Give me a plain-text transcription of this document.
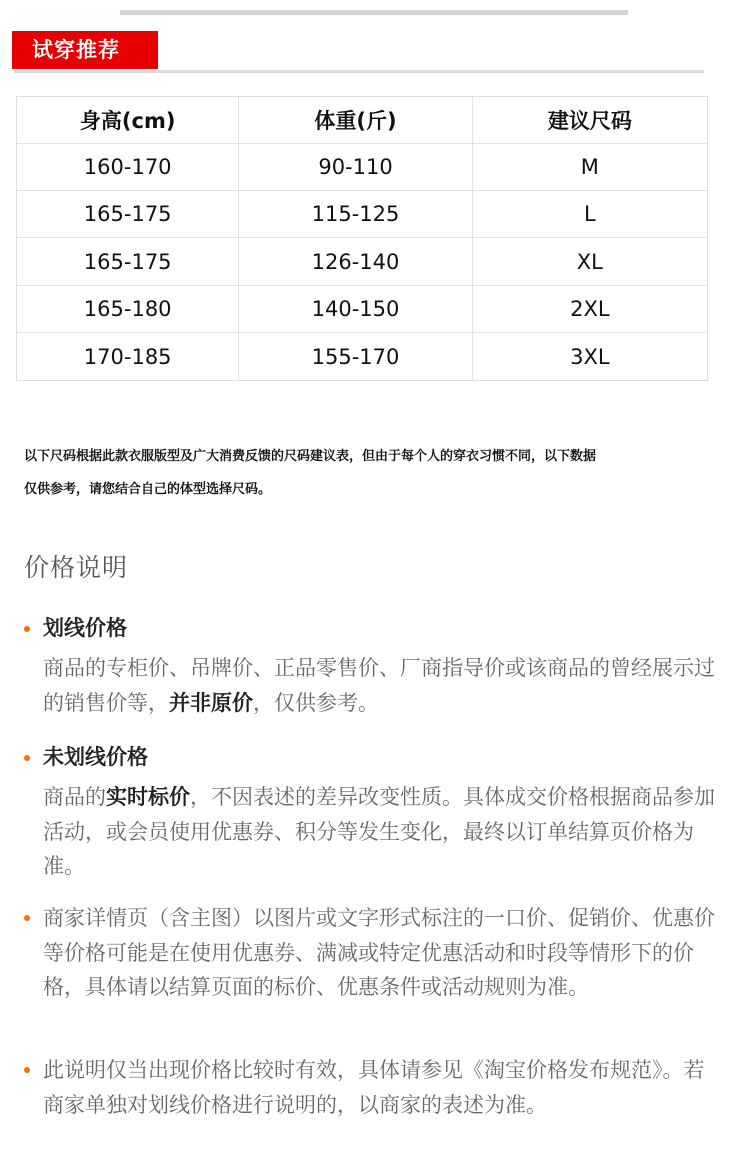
试穿推荐
身高(cm)	体重(斤)	建议尺码
160-170	90-110	M
165-175	115-125	L
165-175	126-140	XL
165-180	140-150	2XL
170-185	155-170	3XL
以下尺码根据此款衣服版型及广大消费反馈的尺码建议表，但由于每个人的穿衣习惯不同，以下数据
仅供参考，请您结合自己的体型选择尺码。
价格说明
划线价格
商品的专柜价、吊牌价、正品零售价、厂商指导价或该商品的曾经展示过的销售价等，并非原价，仅供参考。
未划线价格
商品的实时标价，不因表述的差异改变性质。具体成交价格根据商品参加活动，或会员使用优惠券、积分等发生变化，最终以订单结算页价格为准。
商家详情页（含主图）以图片或文字形式标注的一口价、促销价、优惠价等价格可能是在使用优惠券、满减或特定优惠活动和时段等情形下的价格，具体请以结算页面的标价、优惠条件或活动规则为准。
此说明仅当出现价格比较时有效，具体请参见《淘宝价格发布规范》。若商家单独对划线价格进行说明的，以商家的表述为准。
